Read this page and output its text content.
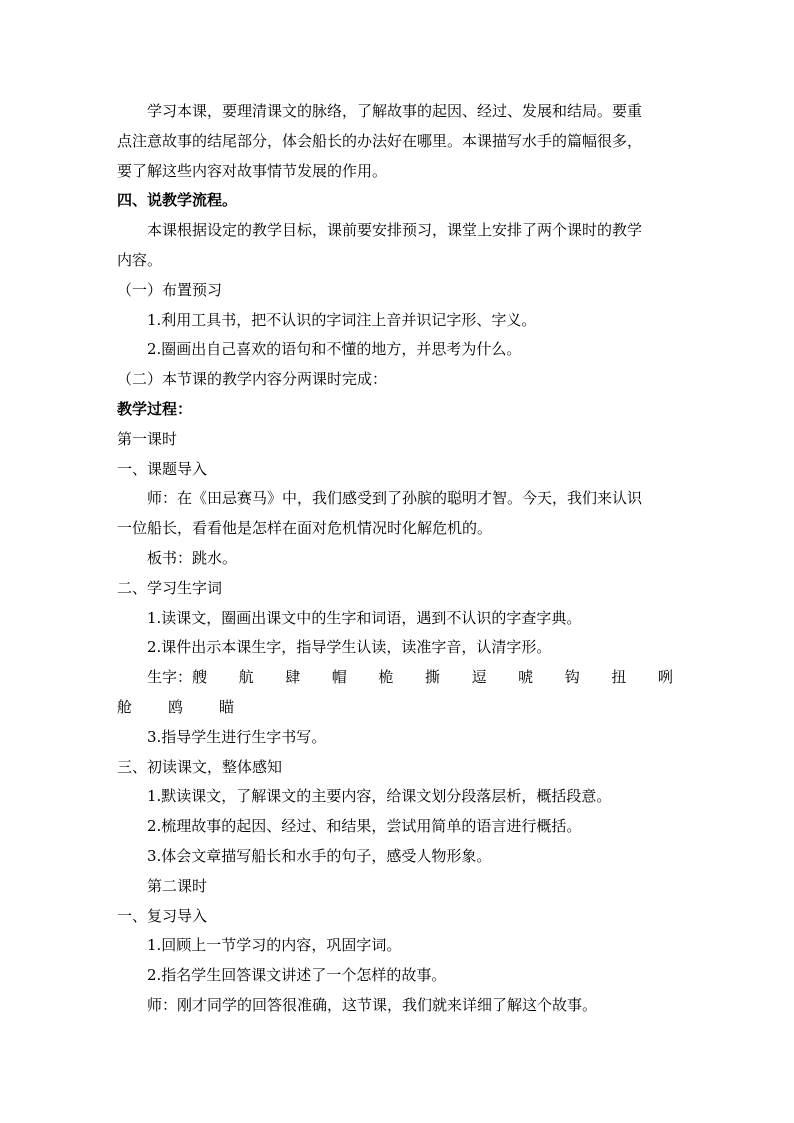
学习本课，要理清课文的脉络，了解故事的起因、经过、发展和结局。要重
点注意故事的结尾部分，体会船长的办法好在哪里。本课描写水手的篇幅很多，
要了解这些内容对故事情节发展的作用。
四、说教学流程。
本课根据设定的教学目标，课前要安排预习，课堂上安排了两个课时的教学
内容。
（一）布置预习
1.利用工具书，把不认识的字词注上音并识记字形、字义。
2.圈画出自己喜欢的语句和不懂的地方，并思考为什么。
（二）本节课的教学内容分两课时完成：
教学过程：
第一课时
一、课题导入
师：在《田忌赛马》中，我们感受到了孙膑的聪明才智。今天，我们来认识
一位船长，看看他是怎样在面对危机情况时化解危机的。
板书：跳水。
二、学习生字词
1.读课文，圈画出课文中的生字和词语，遇到不认识的字查字典。
2.课件出示本课生字，指导学生认读，读准字音，认清字形。
生字：艘 航 肆 帽 桅 撕 逗 唬 钩 扭 咧
舱 鸥 瞄
3.指导学生进行生字书写。
三、初读课文，整体感知
1.默读课文，了解课文的主要内容，给课文划分段落层析，概括段意。
2.梳理故事的起因、经过、和结果，尝试用简单的语言进行概括。
3.体会文章描写船长和水手的句子，感受人物形象。
第二课时
一、复习导入
1.回顾上一节学习的内容，巩固字词。
2.指名学生回答课文讲述了一个怎样的故事。
师：刚才同学的回答很准确，这节课，我们就来详细了解这个故事。
